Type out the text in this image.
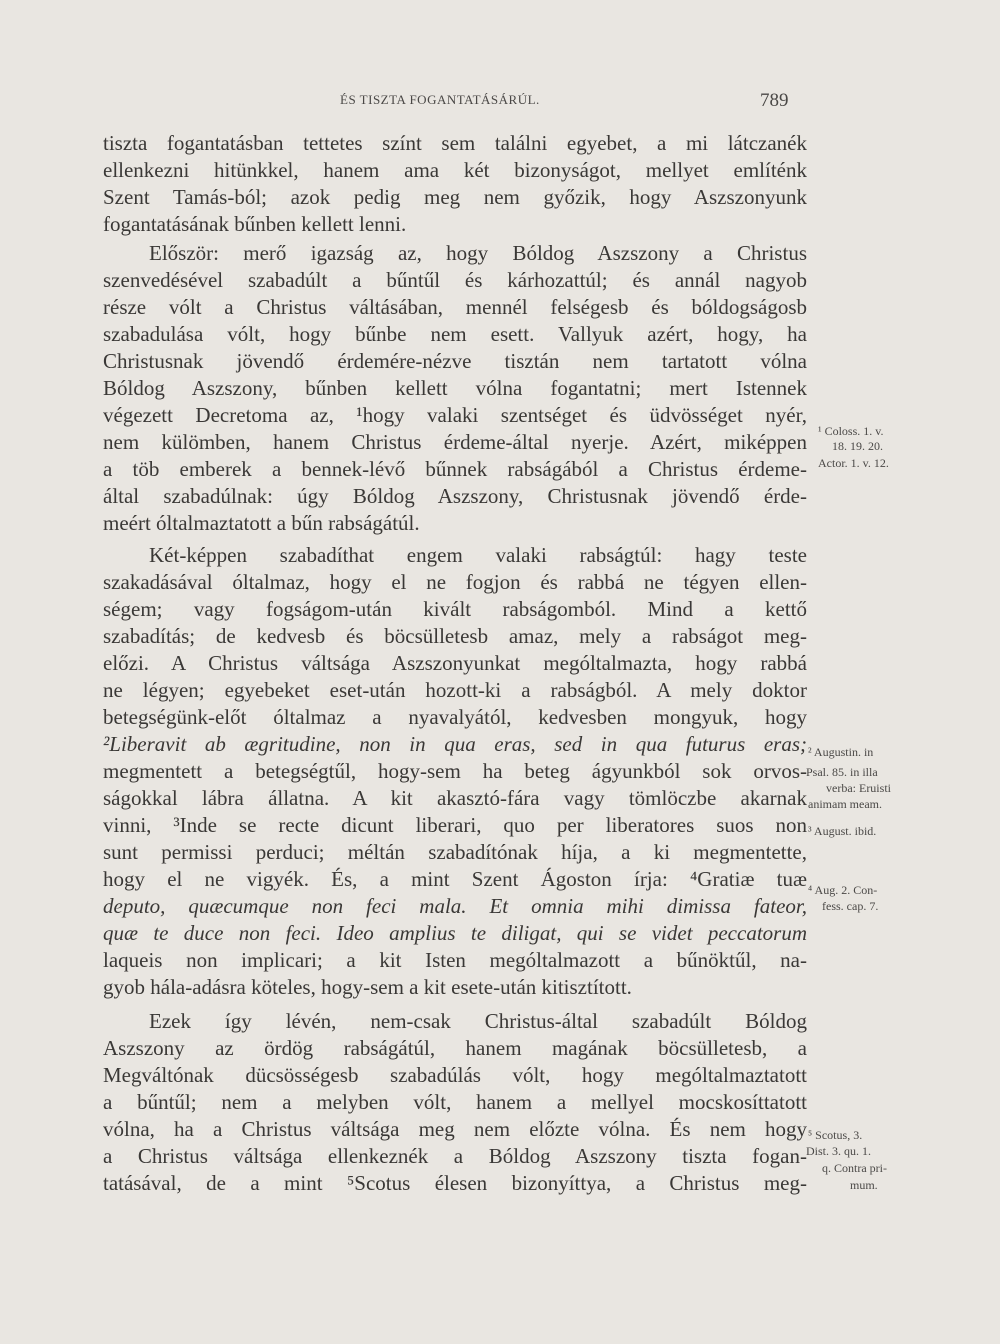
ÉS TISZTA FOGANTATÁSÁRÚL.	789
tiszta fogantatásban tettetes színt sem találni egyebet, a mi látczanék
ellenkezni hitünkkel, hanem ama két bizonyságot, mellyet említénk
Szent Tamás-ból; azok pedig meg nem győzik, hogy Aszszonyunk
fogantatásának bűnben kellett lenni.
Először: merő igazság az, hogy Bóldog Aszszony a Christus
szenvedésével szabadúlt a bűntűl és kárhozattúl; és annál nagyob
része vólt a Christus váltásában, mennél felségesb és bóldogságosb
szabadulása vólt, hogy bűnbe nem esett. Vallyuk azért, hogy, ha
Christusnak jövendő érdemére-nézve tisztán nem tartatott vólna
Bóldog Aszszony, bűnben kellett vólna fogantatni; mert Istennek
végezett Decretoma az, ¹hogy valaki szentséget és üdvösséget nyér,
nem külömben, hanem Christus érdeme-által nyerje. Azért, miképpen
a töb emberek a bennek-lévő bűnnek rabságából a Christus érdeme-
által szabadúlnak: úgy Bóldog Aszszony, Christusnak jövendő érde-
meért óltalmaztatott a bűn rabságátúl.
Két-képpen szabadíthat engem valaki rabságtúl: hagy teste
szakadásával óltalmaz, hogy el ne fogjon és rabbá ne tégyen ellen-
ségem; vagy fogságom-után kivált rabságomból. Mind a kettő
szabadítás; de kedvesb és böcsülletesb amaz, mely a rabságot meg-
előzi. A Christus váltsága Aszszonyunkat mególtalmazta, hogy rabbá
ne légyen; egyebeket eset-után hozott-ki a rabságból. A mely doktor
betegségünk-előt óltalmaz a nyavalyától, kedvesben mongyuk, hogy
²Liberavit ab ægritudine, non in qua eras, sed in qua futurus eras;
megmentett a betegségtűl, hogy-sem ha beteg ágyunkból sok orvos-
ságokkal lábra állatna. A kit akasztó-fára vagy tömlöczbe akarnak
vinni, ³Inde se recte dicunt liberari, quo per liberatores suos non
sunt permissi perduci; méltán szabadítónak híja, a ki megmentette,
hogy el ne vigyék. És, a mint Szent Ágoston írja: ⁴Gratiæ tuæ
deputo, quæcumque non feci mala. Et omnia mihi dimissa fateor,
quæ te duce non feci. Ideo amplius te diligat, qui se videt peccatorum
laqueis non implicari; a kit Isten mególtalmazott a bűnöktűl, na-
gyob hála-adásra köteles, hogy-sem a kit esete-után kitisztított.
Ezek így lévén, nem-csak Christus-által szabadúlt Bóldog
Aszszony az ördög rabságátúl, hanem magának böcsülletesb, a
Megváltónak dücsösségesb szabadúlás vólt, hogy mególtalmaztatott
a bűntűl; nem a melyben vólt, hanem a mellyel mocskosíttatott
vólna, ha a Christus váltsága meg nem előzte vólna. És nem hogy
a Christus váltsága ellenkeznék a Bóldog Aszszony tiszta fogan-
tatásával, de a mint ⁵Scotus élesen bizonyíttya, a Christus meg-
¹ Coloss. 1. v.
18. 19. 20.
Actor. 1. v. 12.
² Augustin. in
Psal. 85. in illa
verba: Eruisti
animam meam.
³ August. ibid.
⁴ Aug. 2. Con-
fess. cap. 7.
⁵ Scotus, 3.
Dist. 3. qu. 1.
q. Contra pri-
mum.
